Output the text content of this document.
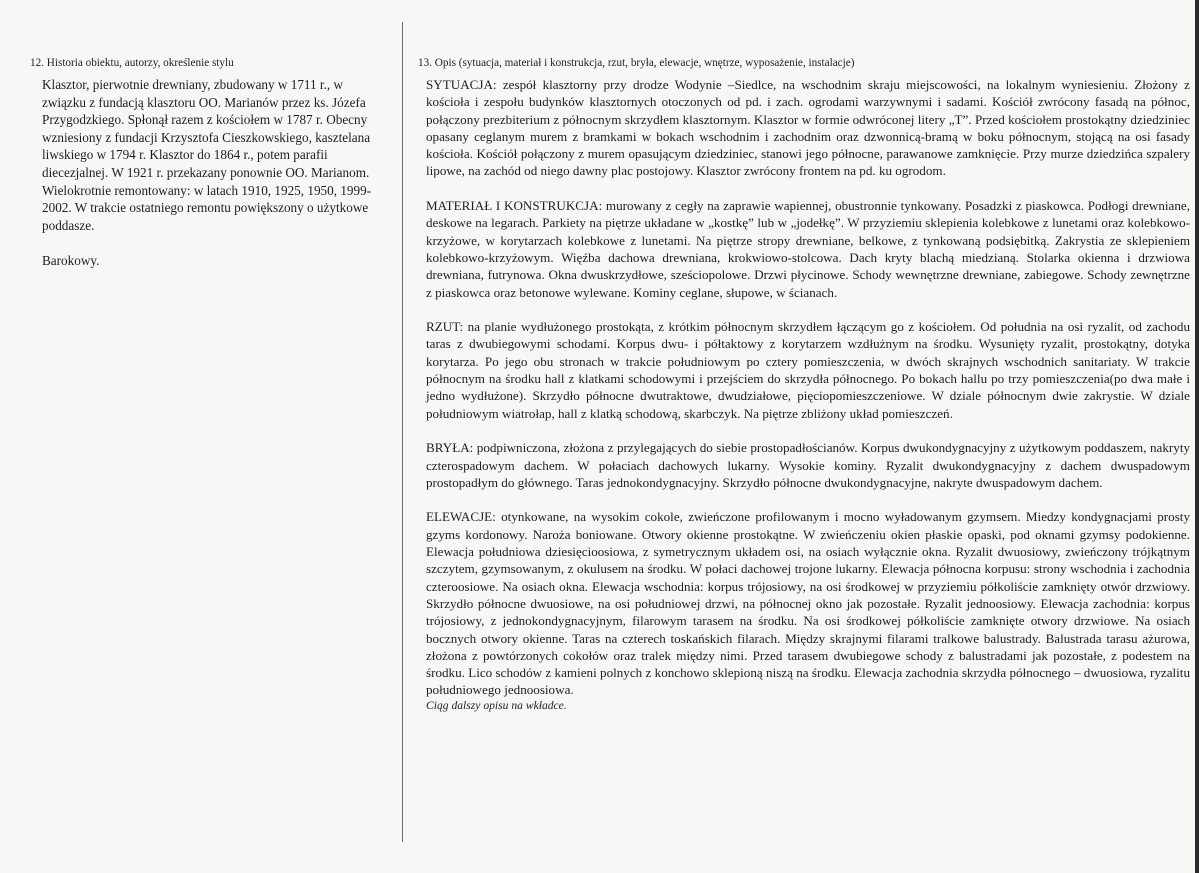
12. Historia obiektu, autorzy, określenie stylu

Klasztor, pierwotnie drewniany, zbudowany w 1711 r., w związku z fundacją klasztoru OO. Marianów przez ks. Józefa Przygodzkiego. Spłonął razem z kościołem w 1787 r. Obecny wzniesiony z fundacji Krzysztofa Cieszkowskiego, kasztelana liwskiego w 1794 r. Klasztor do 1864 r., potem parafii diecezjalnej. W 1921 r. przekazany ponownie OO. Marianom. Wielokrotnie remontowany: w latach 1910, 1925, 1950, 1999-2002. W trakcie ostatniego remontu powiększony o użytkowe poddasze.

Barokowy.

13. Opis (sytuacja, materiał i konstrukcja, rzut, bryła, elewacje, wnętrze, wyposażenie, instalacje)

SYTUACJA: zespół klasztorny przy drodze Wodynie –Siedlce, na wschodnim skraju miejscowości, na lokalnym wyniesieniu. Złożony z kościoła i zespołu budynków klasztornych otoczonych od pd. i zach. ogrodami warzywnymi i sadami. Kościół zwrócony fasadą na północ, połączony prezbiterium z północnym skrzydłem klasztornym. Klasztor w formie odwróconej litery „T”. Przed kościołem prostokątny dziedziniec opasany ceglanym murem z bramkami w bokach wschodnim i zachodnim oraz dzwonnicą-bramą w boku północnym, stojącą na osi fasady kościoła. Kościół połączony z murem opasującym dziedziniec, stanowi jego północne, parawanowe zamknięcie. Przy murze dziedzińca szpalery lipowe, na zachód od niego dawny plac postojowy. Klasztor zwrócony frontem na pd. ku ogrodom.

MATERIAŁ I KONSTRUKCJA: murowany z cegły na zaprawie wapiennej, obustronnie tynkowany. Posadzki z piaskowca. Podłogi drewniane, deskowe na legarach. Parkiety na piętrze układane w „kostkę” lub w „jodełkę”. W przyziemiu sklepienia kolebkowe z lunetami oraz kolebkowo-krzyżowe, w korytarzach kolebkowe z lunetami. Na piętrze stropy drewniane, belkowe, z tynkowaną podsiębitką. Zakrystia ze sklepieniem kolebkowo-krzyżowym. Więźba dachowa drewniana, krokwiowo-stolcowa. Dach kryty blachą miedzianą. Stolarka okienna i drzwiowa drewniana, futrynowa. Okna dwuskrzydłowe, sześciopolowe. Drzwi płycinowe. Schody wewnętrzne drewniane, zabiegowe. Schody zewnętrzne z piaskowca oraz betonowe wylewane. Kominy ceglane, słupowe, w ścianach.

RZUT: na planie wydłużonego prostokąta, z krótkim północnym skrzydłem łączącym go z kościołem. Od południa na osi ryzalit, od zachodu taras z dwubiegowymi schodami. Korpus dwu- i półtaktowy z korytarzem wzdłużnym na środku. Wysunięty ryzalit, prostokątny, dotyka korytarza. Po jego obu stronach w trakcie południowym po cztery pomieszczenia, w dwóch skrajnych wschodnich sanitariaty. W trakcie północnym na środku hall z klatkami schodowymi i przejściem do skrzydła północnego. Po bokach hallu po trzy pomieszczenia(po dwa małe i jedno wydłużone). Skrzydło północne dwutraktowe, dwudziałowe, pięciopomieszczeniowe. W dziale północnym dwie zakrystie. W dziale południowym wiatrołap, hall z klatką schodową, skarbczyk. Na piętrze zbliżony układ pomieszczeń.

BRYŁA: podpiwniczona, złożona z przylegających do siebie prostopadłościanów. Korpus dwukondygnacyjny z użytkowym poddaszem, nakryty czterospadowym dachem. W połaciach dachowych lukarny. Wysokie kominy. Ryzalit dwukondygnacyjny z dachem dwuspadowym prostopadłym do głównego. Taras jednokondygnacyjny. Skrzydło północne dwukondygnacyjne, nakryte dwuspadowym dachem.

ELEWACJE: otynkowane, na wysokim cokole, zwieńczone profilowanym i mocno wyładowanym gzymsem. Miedzy kondygnacjami prosty gzyms kordonowy. Naroża boniowane. Otwory okienne prostokątne. W zwieńczeniu okien płaskie opaski, pod oknami gzymsy podokienne. Elewacja południowa dziesięcioosiowa, z symetrycznym układem osi, na osiach wyłącznie okna. Ryzalit dwuosiowy, zwieńczony trójkątnym szczytem, gzymsowanym, z okulusem na środku. W połaci dachowej trojone lukarny. Elewacja północna korpusu: strony wschodnia i zachodnia czteroosiowe. Na osiach okna. Elewacja wschodnia: korpus trójosiowy, na osi środkowej w przyziemiu półkoliście zamknięty otwór drzwiowy. Skrzydło północne dwuosiowe, na osi południowej drzwi, na północnej okno jak pozostałe. Ryzalit jednoosiowy. Elewacja zachodnia: korpus trójosiowy, z jednokondygnacyjnym, filarowym tarasem na środku. Na osi środkowej półkoliście zamknięte otwory drzwiowe. Na osiach bocznych otwory okienne. Taras na czterech toskańskich filarach. Między skrajnymi filarami tralkowe balustrady. Balustrada tarasu ażurowa, złożona z powtórzonych cokołów oraz tralek między nimi. Przed tarasem dwubiegowe schody z balustradami jak pozostałe, z podestem na środku. Lico schodów z kamieni polnych z konchowo sklepioną niszą na środku. Elewacja zachodnia skrzydła północnego – dwuosiowa, ryzalitu południowego jednoosiowa.

Ciąg dalszy opisu na wkładce.
